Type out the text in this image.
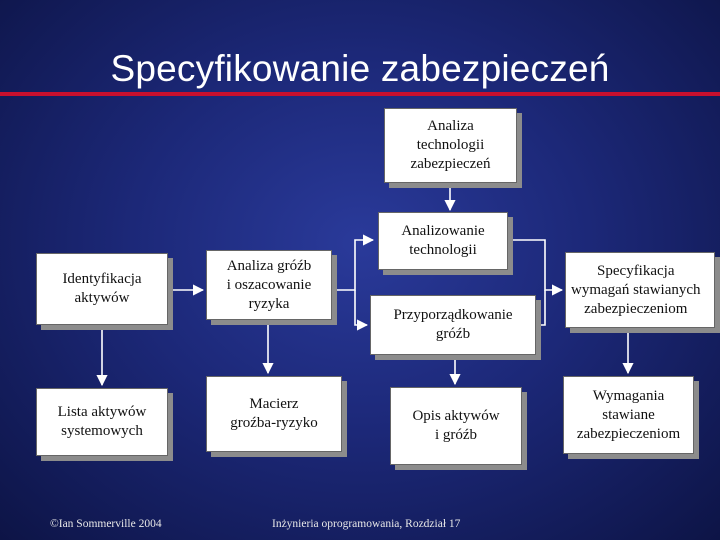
Specyfikowanie zabezpieczeń
Analiza
technologii
zabezpieczeń
Analizowanie
technologii
Identyfikacja
aktywów
Analiza gróźb
i oszacowanie
ryzyka
Przyporządkowanie
gróźb
Specyfikacja
wymagań stawianych
zabezpieczeniom
Lista aktywów
systemowych
Macierz
groźba-ryzyko	Opis aktywów
i gróźb
Wymagania
stawiane
zabezpieczeniom
©Ian Sommerville 2004	Inżynieria oprogramowania, Rozdział 17
